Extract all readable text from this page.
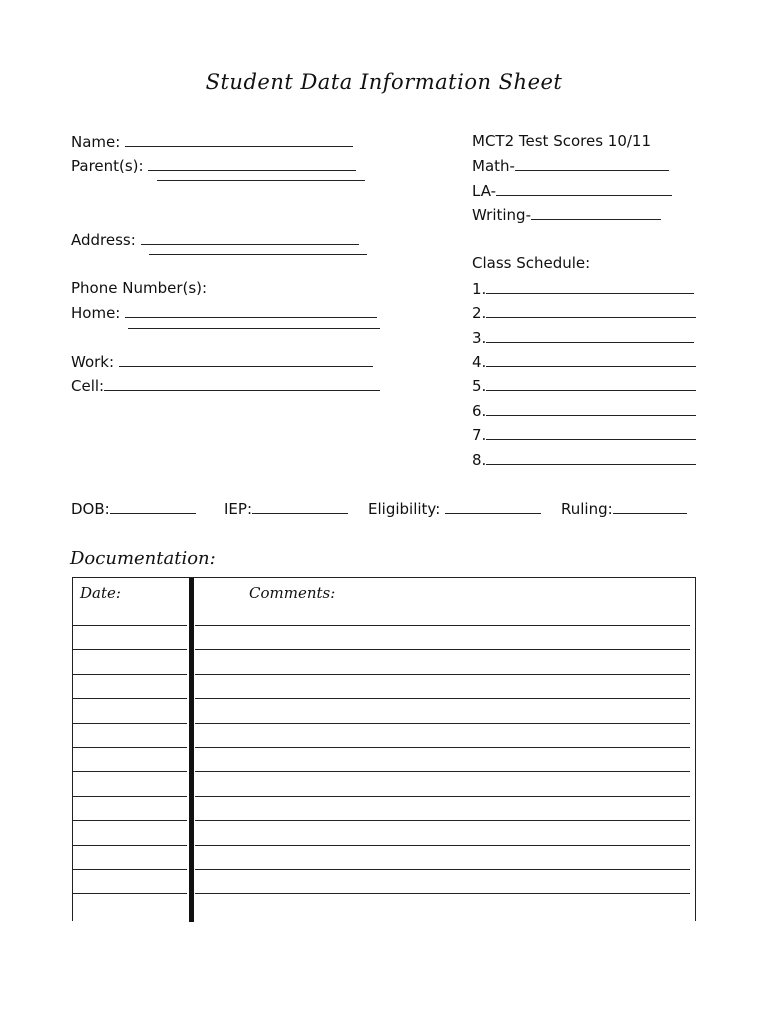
Student Data Information Sheet
Name:
Parent(s):
Address:
Phone Number(s):
Home:
Work:
Cell:
MCT2 Test Scores 10/11
Math-
LA-
Writing-
Class Schedule:
1.
2.
3.
4.
5.
6.
7.
8.
DOB:	IEP:	Eligibility:	Ruling:
Documentation:
Date:	Comments:
